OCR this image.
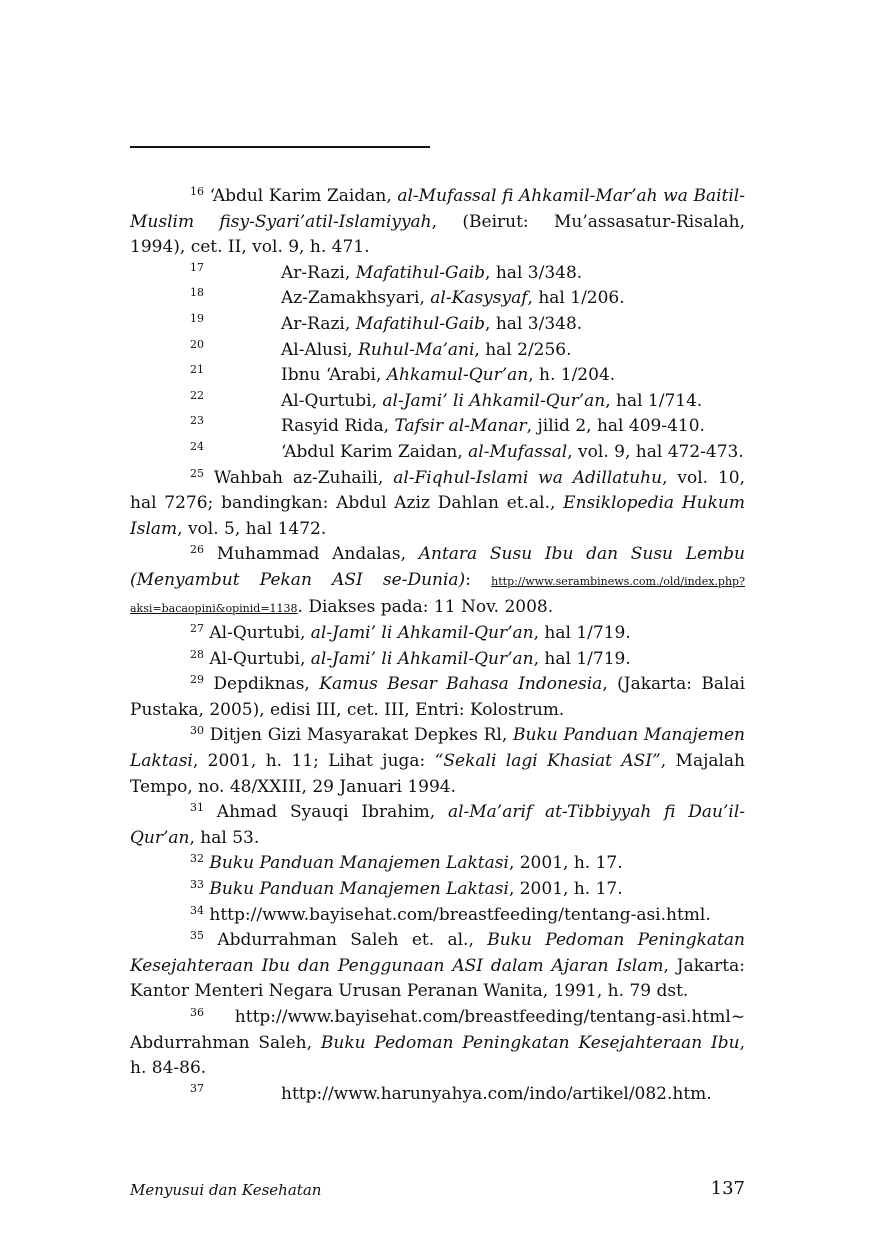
$^{16}$ ‘Abdul Karim Zaidan, al-Mufassal fi Ahkamil-Mar’ah wa Baitil-Muslim fisy-Syari’atil-Islamiyyah, (Beirut: Mu’assasatur-Risalah, 1994), cet. II, vol. 9, h. 471.

17	Ar-Razi, Mafatihul-Gaib, hal 3/348.
18	Az-Zamakhsyari, al-Kasysyaf, hal 1/206.
19	Ar-Razi, Mafatihul-Gaib, hal 3/348.
20	Al-Alusi, Ruhul-Ma’ani, hal 2/256.
21	Ibnu ‘Arabi, Ahkamul-Qur’an, h. 1/204.
22	Al-Qurtubi, al-Jami’ li Ahkamil-Qur’an, hal 1/714.
23	Rasyid Rida, Tafsir al-Manar, jilid 2, hal 409-410.
24	‘Abdul Karim Zaidan, al-Mufassal, vol. 9, hal 472-473.

$^{25}$ Wahbah az-Zuhaili, al-Fiqhul-Islami wa Adillatuhu, vol. 10, hal 7276; bandingkan: Abdul Aziz Dahlan et.al., Ensiklopedia Hukum Islam, vol. 5, hal 1472.

$^{26}$ Muhammad Andalas, Antara Susu Ibu dan Susu Lembu (Menyambut Pekan ASI se-Dunia): http://www.serambinews.com./old/index.php?aksi=bacaopini&opinid=1138. Diakses pada: 11 Nov. 2008.

$^{27}$ Al-Qurtubi, al-Jami’ li Ahkamil-Qur’an, hal 1/719.

$^{28}$ Al-Qurtubi, al-Jami’ li Ahkamil-Qur’an, hal 1/719.

$^{29}$ Depdiknas, Kamus Besar Bahasa Indonesia, (Jakarta: Balai Pustaka, 2005), edisi III, cet. III, Entri: Kolostrum.

$^{30}$ Ditjen Gizi Masyarakat Depkes Rl, Buku Panduan Manajemen Laktasi, 2001, h. 11; Lihat juga: “Sekali lagi Khasiat ASI”, Majalah Tempo, no. 48/XXIII, 29 Januari 1994.

$^{31}$ Ahmad Syauqi Ibrahim, al-Ma’arif at-Tibbiyyah fi Dau’il-Qur’an, hal 53.

$^{32}$ Buku Panduan Manajemen Laktasi, 2001, h. 17.

$^{33}$ Buku Panduan Manajemen Laktasi, 2001, h. 17.

$^{34}$ http://www.bayisehat.com/breastfeeding/tentang-asi.html.

$^{35}$ Abdurrahman Saleh et. al., Buku Pedoman Peningkatan Kesejahteraan Ibu dan Penggunaan ASI dalam Ajaran Islam, Jakarta: Kantor Menteri Negara Urusan Peranan Wanita, 1991, h. 79 dst.

$^{36}$ http://www.bayisehat.com/breastfeeding/tentang-asi.html~ Abdurrahman Saleh, Buku Pedoman Peningkatan Kesejahteraan Ibu, h. 84-86.

37	http://www.harunyahya.com/indo/artikel/082.htm.
Menyusui dan Kesehatan	137
